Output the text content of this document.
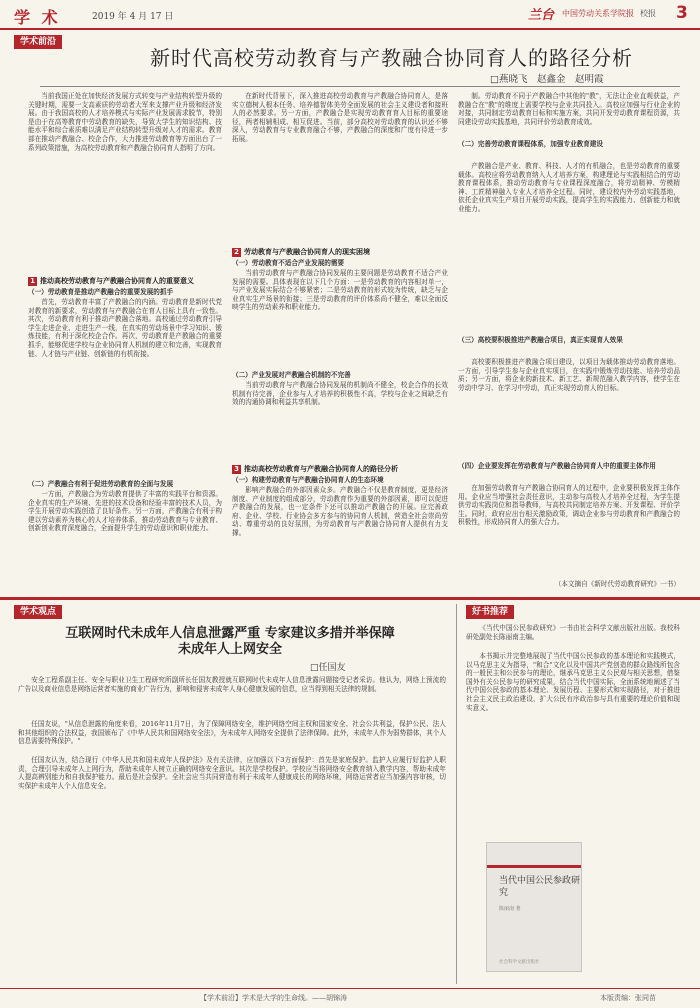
学 术	2019 年 4 月 17 日	兰台 中国劳动关系学院报 校报 3
学术前沿
新时代高校劳动教育与产教融合协同育人的路径分析
□燕晓飞　赵鑫金　赵明霞

当前我国正处在加快经济发展方式转变与产业结构转型升级的关键时期，需要一支高素质的劳动者大军来支撑产业升级和经济发展。由于我国高校的人才培养模式与实际产业发展需求脱节，特别是由于在高等教育中劳动教育的缺失，导致大学生的知识结构、技能水平和综合素质难以满足产业结构转型升级对人才的需求。教育部在推动产教融合、校企合作，大力推进劳动教育等方面出台了一系列政策措施，为高校劳动教育和产教融合协同育人指明了方向。

1 推动高校劳动教育与产教融合协同育人的重要意义
（一）劳动教育是推动产教融合的重要发展的抓手

首先，劳动教育丰富了产教融合的内涵。劳动教育是新时代党对教育的新要求，劳动教育与产教融合在育人目标上具有一致性。其次，劳动教育有利于推动产教融合落地。高校通过劳动教育引导学生走进企业、走进生产一线，在真实的劳动场景中学习知识、锻炼技能，有利于深化校企合作。再次，劳动教育是产教融合的重要抓手，能够促进学校与企业协同育人机制的建立和完善，实现教育链、人才链与产业链、创新链的有机衔接。

（二）产教融合有利于促进劳动教育的全面与发展

一方面，产教融合为劳动教育提供了丰富的实践平台和资源。企业真实的生产环境、先进的技术设备和经验丰富的技术人员，为学生开展劳动实践创造了良好条件。另一方面，产教融合有利于构建以劳动素养为核心的人才培养体系，推动劳动教育与专业教育、创新创业教育深度融合，全面提升学生的劳动意识和职业能力。

在新时代背景下，深入推进高校劳动教育与产教融合协同育人，是落实立德树人根本任务、培养德智体美劳全面发展的社会主义建设者和接班人的必然要求。另一方面，产教融合是实现劳动教育育人目标的重要途径，两者相辅相成、相互促进。当前，部分高校对劳动教育的认识还不够深入，劳动教育与专业教育融合不够，产教融合的深度和广度有待进一步拓展。

2 劳动教育与产教融合协同育人的现实困境
（一）劳动教育不适合产业发展的需要

当前劳动教育与产教融合协同发展的主要问题是劳动教育不适合产业发展的需要。具体表现在以下几个方面：一是劳动教育的内容相对单一，与产业发展实际结合不够紧密；二是劳动教育的形式较为传统，缺乏与企业真实生产场景的衔接；三是劳动教育的评价体系尚不健全，难以全面反映学生的劳动素养和职业能力。

（二）产业发展对产教融合机制的不完善

当前劳动教育与产教融合协同发展的机制尚不健全，校企合作的长效机制有待完善，企业参与人才培养的积极性不高，学校与企业之间缺乏有效的沟通协调和利益共享机制。

3 推动高校劳动教育与产教融合协同育人的路径分析
（一）构建劳动教育与产教融合协同育人的生态环境

影响产教融合的外部因素众多。产教融合不仅是教育制度，更是经济制度、产业制度的组成部分，劳动教育作为重要的外部因素，即可以促进产教融合的发展，也一定条件下还可以推动产教融合的开展。应完善政府、企业、学校、行业协会多方参与的协同育人机制，营造全社会崇尚劳动、尊重劳动的良好氛围，为劳动教育与产教融合协同育人提供有力支撑。

制。劳动教育不同于产教融合中其他的"教"，无法让企业直观获益，产教融合在"教"的维度上需要学校与企业共同投入。高校应加强与行业企业的对接，共同制定劳动教育目标和实施方案，共同开发劳动教育课程资源，共同建设劳动实践基地，共同评价劳动教育成效。

（二）完善劳动教育课程体系，加强专业教育建设

产教融合是产业、教育、科技、人才的有机融合，也是劳动教育的重要载体。高校应将劳动教育纳入人才培养方案，构建理论与实践相结合的劳动教育课程体系，推动劳动教育与专业课程深度融合，将劳动精神、劳模精神、工匠精神融入专业人才培养全过程。同时，建设校内外劳动实践基地，依托企业真实生产项目开展劳动实践，提高学生的实践能力、创新能力和就业能力。

（三）高校要积极推进产教融合项目，真正实现育人效果

高校要积极推进产教融合项目建设，以项目为载体推动劳动教育落地。一方面，引导学生参与企业真实项目，在实践中锻炼劳动技能、培养劳动品质；另一方面，将企业的新技术、新工艺、新规范融入教学内容，使学生在劳动中学习、在学习中劳动，真正实现劳动育人的目标。

（四）企业要发挥在劳动教育与产教融合协同育人中的重要主体作用

在加强劳动教育与产教融合协同育人的过程中，企业要积极发挥主体作用。企业应当增强社会责任意识，主动参与高校人才培养全过程，为学生提供劳动实践岗位和指导教师，与高校共同制定培养方案、开发课程、评价学生。同时，政府应出台相关激励政策，调动企业参与劳动教育和产教融合的积极性，形成协同育人的强大合力。

（本文摘自《新时代劳动教育研究》一书）
学术观点
互联网时代未成年人信息泄露严重 专家建议多措并举保障未成年人上网安全
□任国友

安全工程系副主任、安全与职业卫生工程研究所副所长任国友教授就互联网时代未成年人信息泄露问题接受记者采访。他认为，网络上预流的广告以及商业信息是网络运营者实施的商业广告行为，影响和侵害未成年人身心健康发展的信息，应当得到相关法律的规制。

任国友说，"从信息泄露的角度来看，2016年11月7日，为了保障网络安全，维护网络空间主权和国家安全、社会公共利益，保护公民、法人和其他组织的合法权益，我国颁布了《中华人民共和国网络安全法》，为未成年人网络安全提供了法律保障。此外，未成年人作为弱势群体，其个人信息需要特殊保护。"

任国友认为，结合现行《中华人民共和国未成年人保护法》及有关法律，应加强以下3方面保护：首先是家庭保护。监护人应履行好监护人职责，合理引导未成年人上网行为，帮助未成年人树立正确的网络安全意识。其次是学校保护。学校应当将网络安全教育纳入教学内容，帮助未成年人提高辨别能力和自我保护能力。最后是社会保护。全社会应当共同营造有利于未成年人健康成长的网络环境，网络运营者应当加强内容审核，切实保护未成年人个人信息安全。

好书推荐

《当代中国公民参政研究》一书由社会科学文献出版社出版。我校科研处副处长陈丽南主编。

本书揭示并完整地展现了当代中国公民参政的基本理论和实践模式，以马克思主义为指导，"和合"文化以及中国共产党创造的群众路线所包含的一般民主和公民参与的理论，继承马克思主义公民观与相关思想，借鉴国外有关公民参与的研究成果，结合当代中国实际，全面系统地阐述了当代中国公民参政的基本理论、发展历程、主要形式和实现路径，对于推进社会主义民主政治建设、扩大公民有序政治参与具有重要的理论价值和现实意义。

当代中国公民参政研究
陈丽南 著
社会科学文献出版社
【学术前沿】学术是大学的生命线。——胡锦涛	本版责编：张同苗
